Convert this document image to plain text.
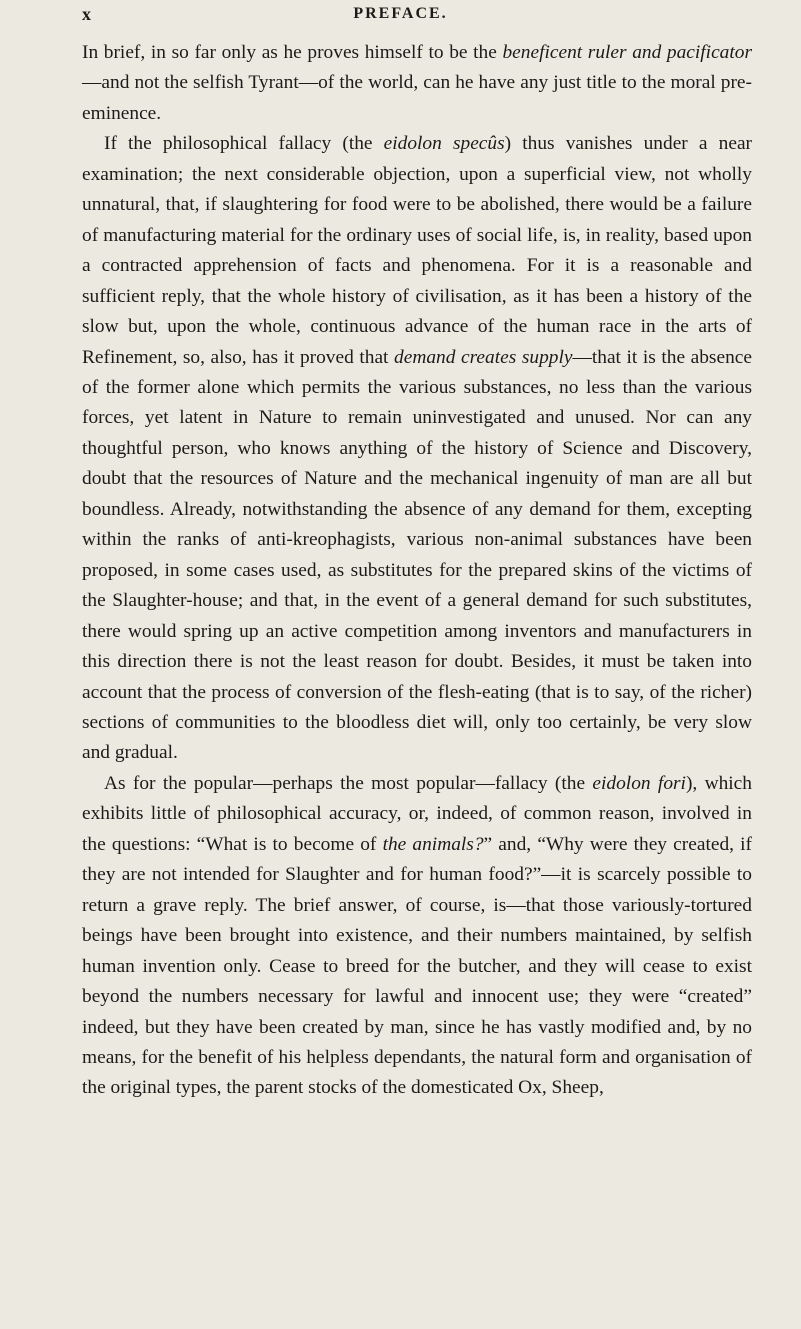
x	PREFACE.

In brief, in so far only as he proves himself to be the beneficent ruler and pacificator—and not the selfish Tyrant—of the world, can he have any just title to the moral pre-eminence.

If the philosophical fallacy (the eidolon specûs) thus vanishes under a near examination; the next considerable objection, upon a superficial view, not wholly unnatural, that, if slaughtering for food were to be abolished, there would be a failure of manufacturing material for the ordinary uses of social life, is, in reality, based upon a contracted apprehension of facts and phenomena. For it is a reasonable and sufficient reply, that the whole history of civilisation, as it has been a history of the slow but, upon the whole, continuous advance of the human race in the arts of Refinement, so, also, has it proved that demand creates supply—that it is the absence of the former alone which permits the various substances, no less than the various forces, yet latent in Nature to remain uninvestigated and unused. Nor can any thoughtful person, who knows anything of the history of Science and Discovery, doubt that the resources of Nature and the mechanical ingenuity of man are all but boundless. Already, notwithstanding the absence of any demand for them, excepting within the ranks of anti-kreophagists, various non-animal substances have been proposed, in some cases used, as substitutes for the prepared skins of the victims of the Slaughter-house; and that, in the event of a general demand for such substitutes, there would spring up an active competition among inventors and manufacturers in this direction there is not the least reason for doubt. Besides, it must be taken into account that the process of conversion of the flesh-eating (that is to say, of the richer) sections of communities to the bloodless diet will, only too certainly, be very slow and gradual.

As for the popular—perhaps the most popular—fallacy (the eidolon fori), which exhibits little of philosophical accuracy, or, indeed, of common reason, involved in the questions: “What is to become of the animals?” and, “Why were they created, if they are not intended for Slaughter and for human food?”—it is scarcely possible to return a grave reply. The brief answer, of course, is—that those variously-tortured beings have been brought into existence, and their numbers maintained, by selfish human invention only. Cease to breed for the butcher, and they will cease to exist beyond the numbers necessary for lawful and innocent use; they were “created” indeed, but they have been created by man, since he has vastly modified and, by no means, for the benefit of his helpless dependants, the natural form and organisation of the original types, the parent stocks of the domesticated Ox, Sheep,
